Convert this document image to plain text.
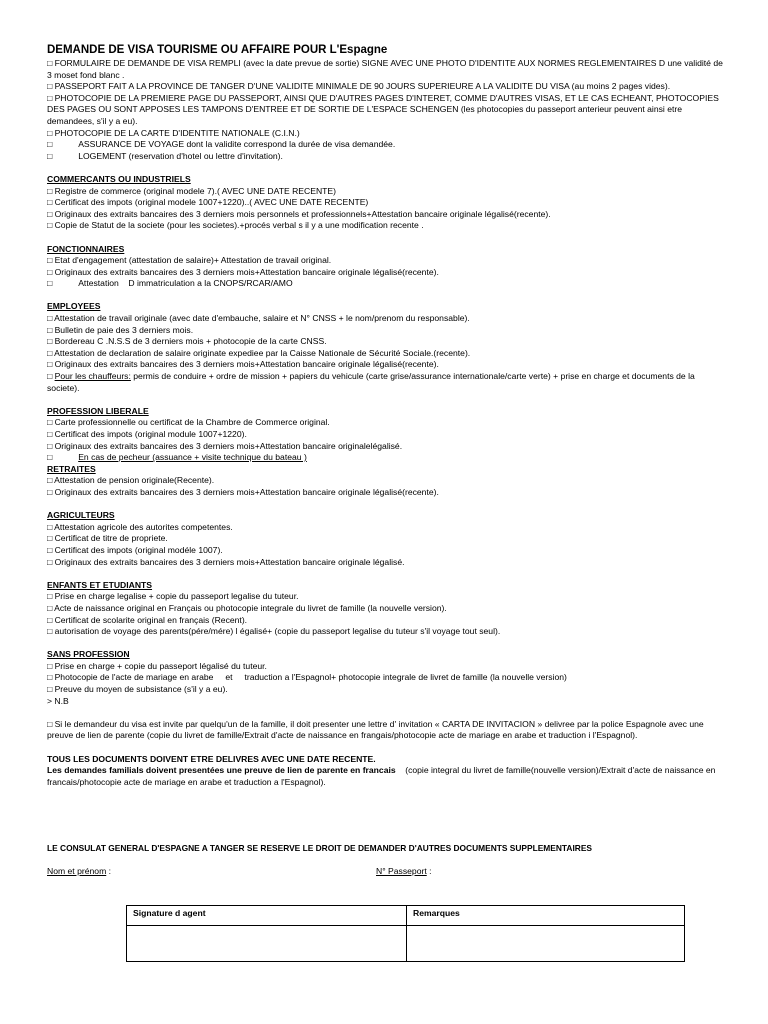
DEMANDE DE VISA TOURISME OU AFFAIRE POUR L'Espagne

□ FORMULAIRE DE DEMANDE DE VISA REMPLI (avec la date prevue de sortie) SIGNE AVEC UNE PHOTO D'IDENTITE AUX NORMES REGLEMENTAIRES D une validité de 3 moset fond blanc .

□ PASSEPORT FAIT A LA PROVINCE DE TANGER D'UNE VALIDITE MINIMALE DE 90 JOURS SUPERIEURE A LA VALIDITE DU VISA (au moins 2 pages vides).

□ PHOTOCOPIE DE LA PREMIERE PAGE DU PASSEPORT, AINSI QUE D'AUTRES PAGES D'INTERET, COMME D'AUTRES VISAS, ET LE CAS ECHEANT, PHOTOCOPIES DES PAGES OU SONT APPOSES LES TAMPONS D'ENTREE ET DE SORTIE DE L'ESPACE SCHENGEN (les photocopies du passeport anterieur peuvent ainsi etre demandees, s'il y a eu).

□ PHOTOCOPIE DE LA CARTE D'IDENTITE NATIONALE (C.I.N.)

□	ASSURANCE DE VOYAGE dont la validite correspond la durée de visa demandée.

□	LOGEMENT (reservation d'hotel ou lettre d'invitation).

COMMERCANTS OU INDUSTRIELS

□ Registre de commerce (original modele 7).( AVEC UNE DATE RECENTE)

□ Certificat des impots (original modele 1007+1220)..( AVEC UNE DATE RECENTE)

□ Originaux des extraits bancaires des 3 derniers mois personnels et professionnels+Attestation bancaire originale légalisé(recente).

□ Copie de Statut de la societe (pour les societes).+procés verbal s il y a une modification recente .

FONCTIONNAIRES

□ Etat d'engagement (attestation de salaire)+ Attestation de travail original.

□ Originaux des extraits bancaires des 3 derniers mois+Attestation bancaire originale légalisé(recente).

□	Attestation    D immatriculation a la CNOPS/RCAR/AMO

EMPLOYEES

□ Attestation de travail originale (avec date d'embauche, salaire et N° CNSS + le nom/prenom du responsable).

□ Bulletin de paie des 3 derniers mois.

□ Bordereau C .N.S.S de 3 derniers mois + photocopie de la carte CNSS.

□ Attestation de declaration de salaire originate expediee par la Caisse Nationale de Sécurité Sociale.(recente).

□ Originaux des extraits bancaires des 3 derniers mois+Attestation bancaire originale légalisé(recente).

□ Pour les chauffeurs: permis de conduire + ordre de mission + papiers du vehicule (carte grise/assurance internationale/carte verte) + prise en charge et documents de la societe).

PROFESSION LIBERALE

□ Carte professionnelle ou certificat de la Chambre de Commerce original.

□ Certificat des impots (original module 1007+1220).

□ Originaux des extraits bancaires des 3 derniers mois+Attestation bancaire originalelégalisé.

□	En cas de pecheur (assuance + visite technique du bateau )

RETRAITES

□ Attestation de pension originale(Recente).

□ Originaux des extraits bancaires des 3 derniers mois+Attestation bancaire originale légalisé(recente).

AGRICULTEURS

□ Attestation agricole des autorites competentes.

□ Certificat de titre de propriete.

□ Certificat des impots (original modéle 1007).

□ Originaux des extraits bancaires des 3 derniers mois+Attestation bancaire originale légalisé.

ENFANTS ET ETUDIANTS

□ Prise en charge legalise + copie du passeport legalise du tuteur.

□ Acte de naissance original en Français ou photocopie integrale du livret de famille (la nouvelle version).

□ Certificat de scolarite original en français (Recent).

□ autorisation de voyage des parents(pére/mére) l égalisé+ (copie du passeport legalise du tuteur s'il voyage tout seul).

SANS PROFESSION

□ Prise en charge + copie du passeport légalisé du tuteur.

□ Photocopie de l'acte de mariage en arabe     et     traduction a l'Espagnol+ photocopie integrale de livret de famille (la nouvelle version)

□ Preuve du moyen de subsistance (s'il y a eu).

> N.B

□ Si le demandeur du visa est invite par quelqu'un de la famille, il doit presenter une lettre d' invitation « CARTA DE INVITACION » delivree par la police Espagnole avec une preuve de lien de parente (copie du livret de famille/Extrait d'acte de naissance en frangais/photocopie acte de mariage en arabe et traduction i l'Espagnol).

TOUS LES DOCUMENTS DOIVENT ETRE DELIVRES AVEC UNE DATE RECENTE.

Les demandes familials doivent presentées une preuve de lien de parente en francais    (copie integral du livret de famille(nouvelle version)/Extrait d'acte de naissance en francais/photocopie acte de mariage en arabe et traduction a l'Espagnol).

LE CONSULAT GENERAL D'ESPAGNE A TANGER SE RESERVE LE DROIT DE DEMANDER D'AUTRES DOCUMENTS SUPPLEMENTAIRES
Nom et prénom :	N° Passeport :
Signature d agent	Remarques
